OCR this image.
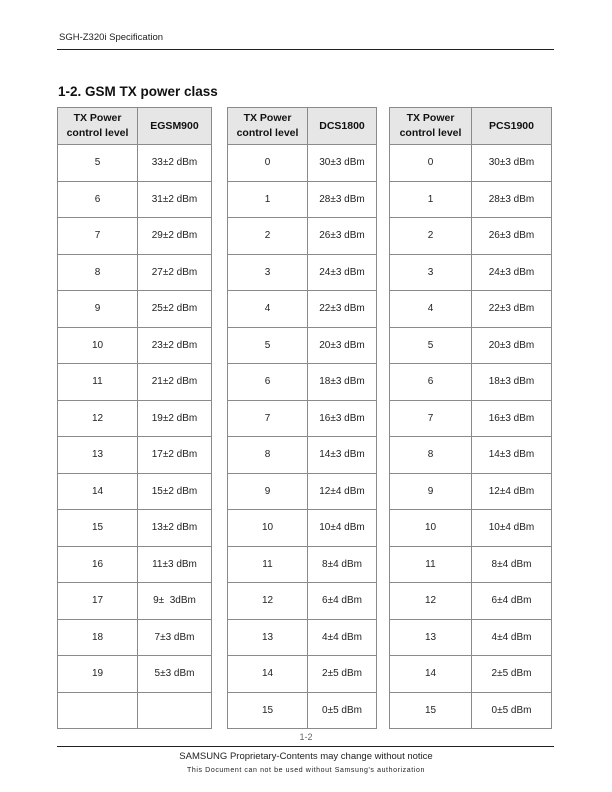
SGH-Z320i Specification
1-2. GSM TX power class
TX Power
control level	EGSM900
5	33±2 dBm
6	31±2 dBm
7	29±2 dBm
8	27±2 dBm
9	25±2 dBm
10	23±2 dBm
11	21±2 dBm
12	19±2 dBm
13	17±2 dBm
14	15±2 dBm
15	13±2 dBm
16	11±3 dBm
17	9±  3dBm
18	7±3 dBm
19	5±3 dBm

TX Power
control level	DCS1800
0	30±3 dBm
1	28±3 dBm
2	26±3 dBm
3	24±3 dBm
4	22±3 dBm
5	20±3 dBm
6	18±3 dBm
7	16±3 dBm
8	14±3 dBm
9	12±4 dBm
10	10±4 dBm
11	8±4 dBm
12	6±4 dBm
13	4±4 dBm
14	2±5 dBm
15	0±5 dBm
TX Power
control level	PCS1900
0	30±3 dBm
1	28±3 dBm
2	26±3 dBm
3	24±3 dBm
4	22±3 dBm
5	20±3 dBm
6	18±3 dBm
7	16±3 dBm
8	14±3 dBm
9	12±4 dBm
10	10±4 dBm
11	8±4 dBm
12	6±4 dBm
13	4±4 dBm
14	2±5 dBm
15	0±5 dBm
1-2
SAMSUNG Proprietary-Contents may change without notice
This Document can not be used without Samsung's authorization
